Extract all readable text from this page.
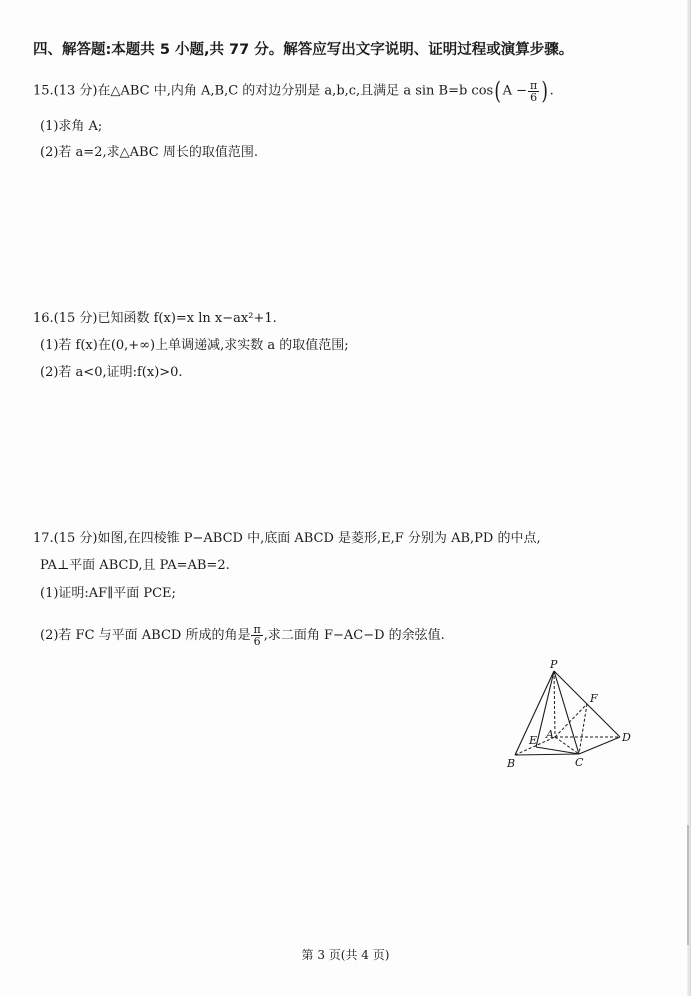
四、解答题:本题共 5 小题,共 77 分。解答应写出文字说明、证明过程或演算步骤。
15.(13 分)在△ABC 中,内角 A,B,C 的对边分别是 a,b,c,且满足 a sin B=b $\cos(A - \frac{\pi}{6}$ ).
(1)求角 A;
(2)若 a=2,求△ABC 周长的取值范围.
16.(15 分)已知函数 f(x)=x ln x−ax²+1.
(1)若 f(x)在(0,+∞)上单调递减,求实数 a 的取值范围;
(2)若 a<0,证明:f(x)>0.
17.(15 分)如图,在四棱锥 P−ABCD 中,底面 ABCD 是菱形,E,F 分别为 AB,PD 的中点,
PA⊥平面 ABCD,且 PA=AB=2.
(1)证明:AF∥平面 PCE;
(2)若 FC 与平面 ABCD 所成的角是 $\frac{\pi}{6}$ ,求二面角 F−AC−D 的余弦值.
P
F
A
E	D
B	C
第 3 页(共 4 页)
